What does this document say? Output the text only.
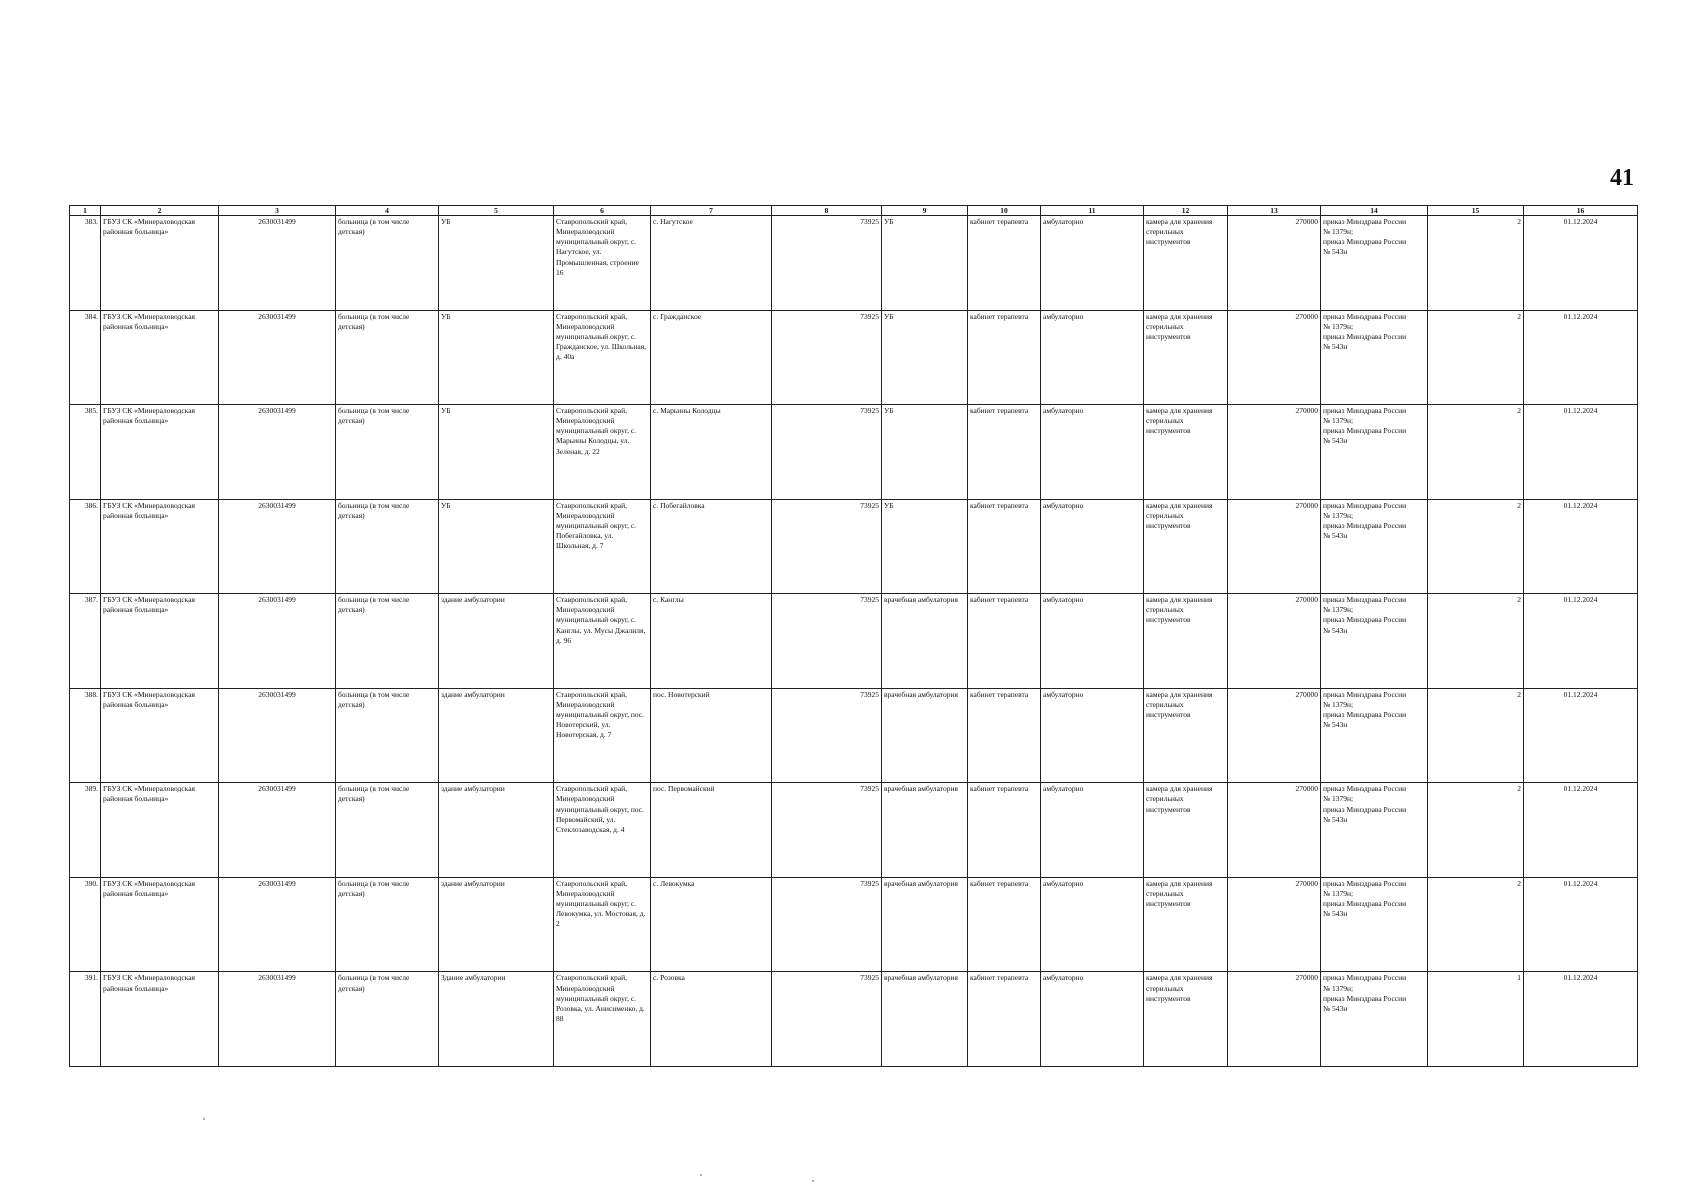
41
1	2	3	4	5	6	7	8	9	10	11	12	13	14	15	16
383.	ГБУЗ СК «Минераловодская районная больница»	2630031499	больница (в том числе детская)	УБ	Ставропольский край, Минераловодский муниципальный округ, с. Нагутское, ул. Промышленная, строение 16	с. Нагутское	73925	УБ	кабинет терапевта	амбулаторно	камера для хранения стерильных инструментов	270000	приказ Минздрава России
№ 1379н;
приказ Минздрава России
№ 543н	2	01.12.2024
384.	ГБУЗ СК «Минераловодская районная больница»	2630031499	больница (в том числе детская)	УБ	Ставропольский край, Минераловодский муниципальный округ, с. Гражданское, ул. Школьная, д. 40а	с. Гражданское	73925	УБ	кабинет терапевта	амбулаторно	камера для хранения стерильных инструментов	270000	приказ Минздрава России
№ 1379н;
приказ Минздрава России
№ 543н	2	01.12.2024
385.	ГБУЗ СК «Минераловодская районная больница»	2630031499	больница (в том числе детская)	УБ	Ставропольский край, Минераловодский муниципальный округ, с. Марьины Колодцы, ул. Зеленая, д. 22	с. Марьины Колодцы	73925	УБ	кабинет терапевта	амбулаторно	камера для хранения стерильных инструментов	270000	приказ Минздрава России
№ 1379н;
приказ Минздрава России
№ 543н	2	01.12.2024
386.	ГБУЗ СК «Минераловодская районная больница»	2630031499	больница (в том числе детская)	УБ	Ставропольский край, Минераловодский муниципальный округ, с. Побегайловка, ул. Школьная, д. 7	с. Побегайловка	73925	УБ	кабинет терапевта	амбулаторно	камера для хранения стерильных инструментов	270000	приказ Минздрава России
№ 1379н;
приказ Минздрава России
№ 543н	2	01.12.2024
387.	ГБУЗ СК «Минераловодская районная больница»	2630031499	больница (в том числе детская)	здание амбулатории	Ставропольский край, Минераловодский муниципальный округ, с. Канглы, ул. Мусы Джалиля, д. 96	с. Канглы	73925	врачебная амбулатория	кабинет терапевта	амбулаторно	камера для хранения стерильных инструментов	270000	приказ Минздрава России
№ 1379н;
приказ Минздрава России
№ 543н	2	01.12.2024
388.	ГБУЗ СК «Минераловодская районная больница»	2630031499	больница (в том числе детская)	здание амбулатории	Ставропольский край, Минераловодский муниципальный округ, пос. Новотерский, ул. Новотерская, д. 7	пос. Новотерский	73925	врачебная амбулатория	кабинет терапевта	амбулаторно	камера для хранения стерильных инструментов	270000	приказ Минздрава России
№ 1379н;
приказ Минздрава России
№ 543н	2	01.12.2024
389.	ГБУЗ СК «Минераловодская районная больница»	2630031499	больница (в том числе детская)	здание амбулатории	Ставропольский край, Минераловодский муниципальный округ, пос. Первомайский, ул. Стеклозаводская, д. 4	пос. Первомайский	73925	врачебная амбулатория	кабинет терапевта	амбулаторно	камера для хранения стерильных инструментов	270000	приказ Минздрава России
№ 1379н;
приказ Минздрава России
№ 543н	2	01.12.2024
390.	ГБУЗ СК «Минераловодская районная больница»	2630031499	больница (в том числе детская)	здание амбулатории	Ставропольский край, Минераловодский муниципальный округ, с. Левокумка, ул. Мостовая, д. 2	с. Левокумка	73925	врачебная амбулатория	кабинет терапевта	амбулаторно	камера для хранения стерильных инструментов	270000	приказ Минздрава России
№ 1379н;
приказ Минздрава России
№ 543н	2	01.12.2024
391.	ГБУЗ СК «Минераловодская районная больница»	2630031499	больница (в том числе детская)	Здание амбулатории	Ставропольский край, Минераловодский муниципальный округ, с. Розовка, ул. Анисименко, д. 88	с. Розовка	73925	врачебная амбулатория	кабинет терапевта	амбулаторно	камера для хранения стерильных инструментов	270000	приказ Минздрава России
№ 1379н;
приказ Минздрава России
№ 543н	1	01.12.2024
